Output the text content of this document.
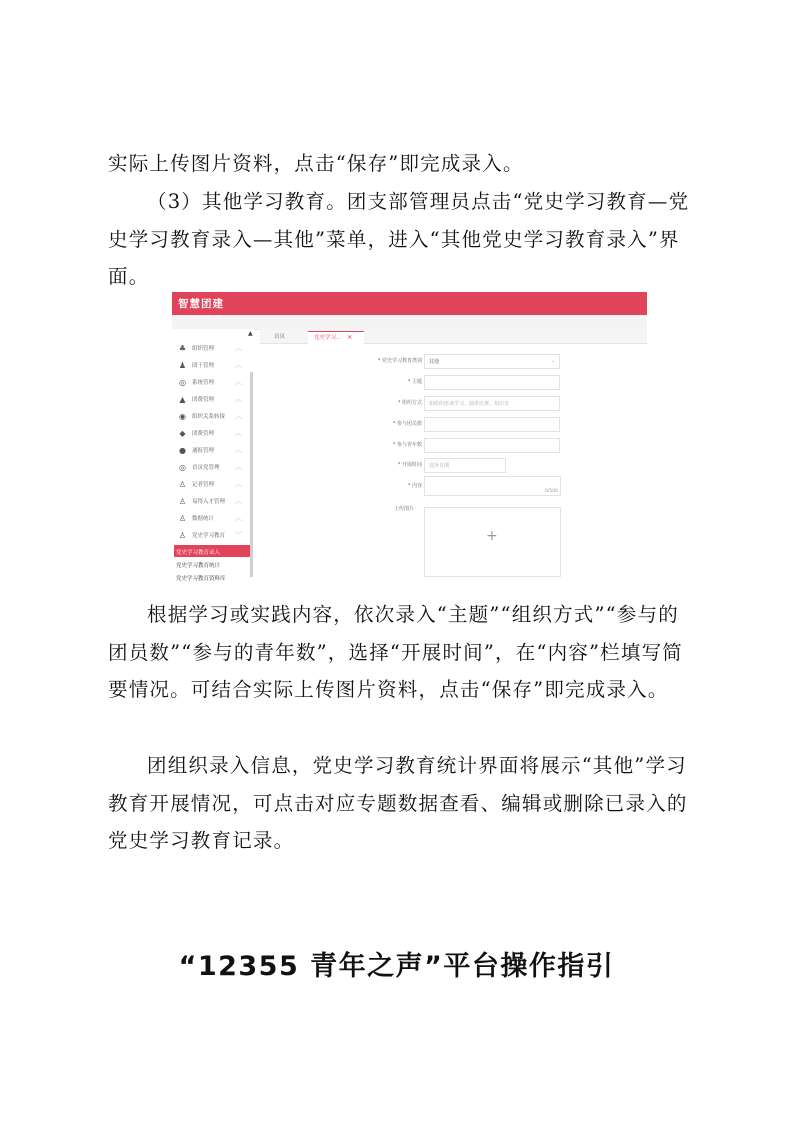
实际上传图片资料，点击“保存”即完成录入。

（3）其他学习教育。团支部管理员点击“党史学习教育—党史学习教育录入—其他”菜单，进入“其他党史学习教育录入”界面。

智慧团建
♣ 组织管理	︿
♟ 团干管理	︿
◎ 系统管理	︿
▲ 团费管理	︿
◉ 组织关系转接 ︿
◆ 团费管理	︿
● 通报管理	︿
◎ 首页党管理 ︿
♙ 记者管理	︿
♙ 易得入才管理 ︿
♙ 数据统计	︿
♙ 党史学习教育 ﹀
党史学习教育录入
党史学习教育统计
党史学习教育资料库
▲	首页	党史学习... ✕
* 党史学习教育类别 其他	⌄
* 主题
* 组织方式 如组织座谈学习、演讲比赛、知识竞
* 参与团员数
* 参与青年数
* 开展时间 选择日期
* 内容
0/500
上传图片
+

根据学习或实践内容，依次录入“主题”“组织方式”“参与的团员数”“参与的青年数”，选择“开展时间”，在“内容”栏填写简要情况。可结合实际上传图片资料，点击“保存”即完成录入。

团组织录入信息，党史学习教育统计界面将展示“其他”学习教育开展情况，可点击对应专题数据查看、编辑或删除已录入的党史学习教育记录。

“12355 青年之声”平台操作指引
